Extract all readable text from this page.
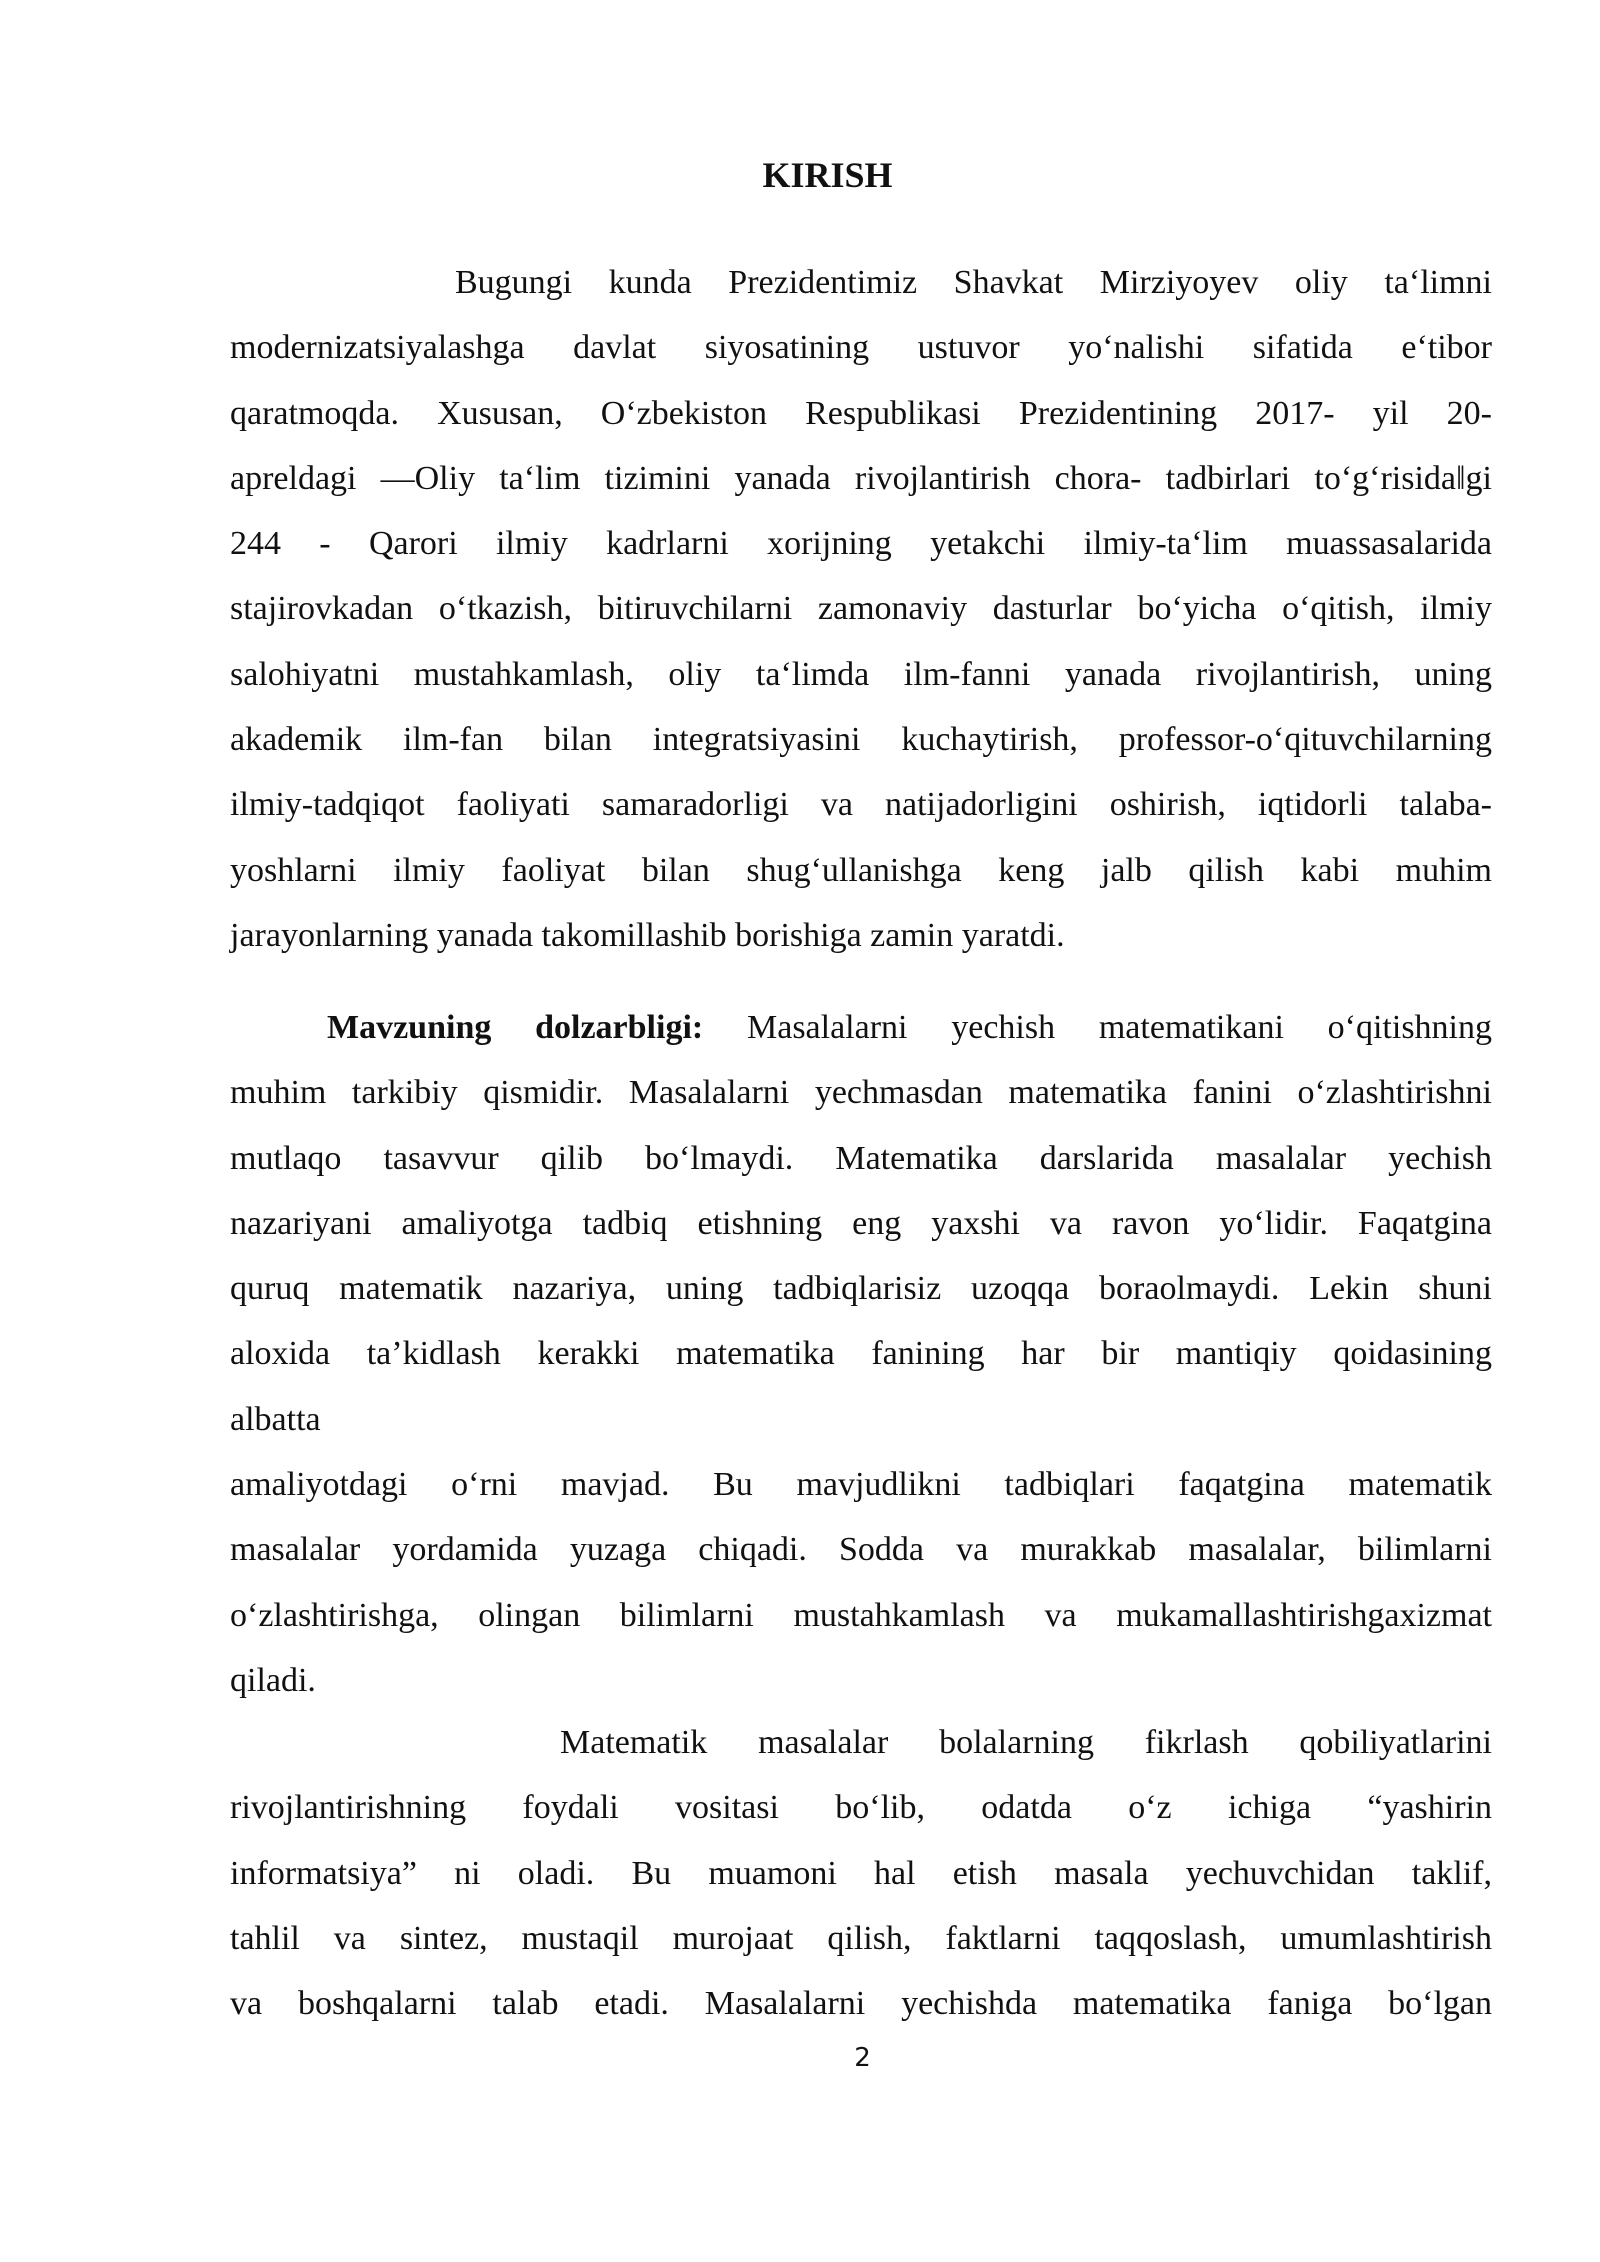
KIRISH
Bugungi kunda Prezidentimiz Shavkat Mirziyoyev oliy taʻlimni
modernizatsiyalashga davlat siyosatining ustuvor yoʻnalishi sifatida eʻtibor
qaratmoqda. Xususan, Oʻzbekiston Respublikasi Prezidentining 2017- yil 20-
apreldagi ―Oliy taʻlim tizimini yanada rivojlantirish chora- tadbirlari toʻgʻrisida‖gi
244 - Qarori ilmiy kadrlarni xorijning yetakchi ilmiy-taʻlim muassasalarida
stajirovkadan oʻtkazish, bitiruvchilarni zamonaviy dasturlar boʻyicha oʻqitish, ilmiy
salohiyatni mustahkamlash, oliy taʻlimda ilm-fanni yanada rivojlantirish, uning
akademik ilm-fan bilan integratsiyasini kuchaytirish, professor-oʻqituvchilarning
ilmiy-tadqiqot faoliyati samaradorligi va natijadorligini oshirish, iqtidorli talaba-
yoshlarni ilmiy faoliyat bilan shugʻullanishga keng jalb qilish kabi muhim
jarayonlarning yanada takomillashib borishiga zamin yaratdi.
Mavzuning dolzarbligi: Masalalarni yechish matematikani oʻqitishning
muhim tarkibiy qismidir. Masalalarni yechmasdan matematika fanini oʻzlashtirishni
mutlaqo tasavvur qilib boʻlmaydi. Matematika darslarida masalalar yechish
nazariyani amaliyotga tadbiq etishning eng yaxshi va ravon yoʻlidir. Faqatgina
quruq matematik nazariya, uning tadbiqlarisiz uzoqqa boraolmaydi. Lekin shuni
aloxida ta’kidlash kerakki matematika fanining har bir mantiqiy qoidasining
albatta
amaliyotdagi oʻrni mavjad. Bu mavjudlikni tadbiqlari faqatgina matematik
masalalar yordamida yuzaga chiqadi. Sodda va murakkab masalalar, bilimlarni
oʻzlashtirishga, olingan bilimlarni mustahkamlash va mukamallashtirishgaxizmat
qiladi.
Matematik masalalar bolalarning fikrlash qobiliyatlarini
rivojlantirishning foydali vositasi boʻlib, odatda oʻz ichiga “yashirin
informatsiya” ni oladi. Bu muamoni hal etish masala yechuvchidan taklif,
tahlil va sintez, mustaqil murojaat qilish, faktlarni taqqoslash, umumlashtirish
va boshqalarni talab etadi. Masalalarni yechishda matematika faniga boʻlgan
2
